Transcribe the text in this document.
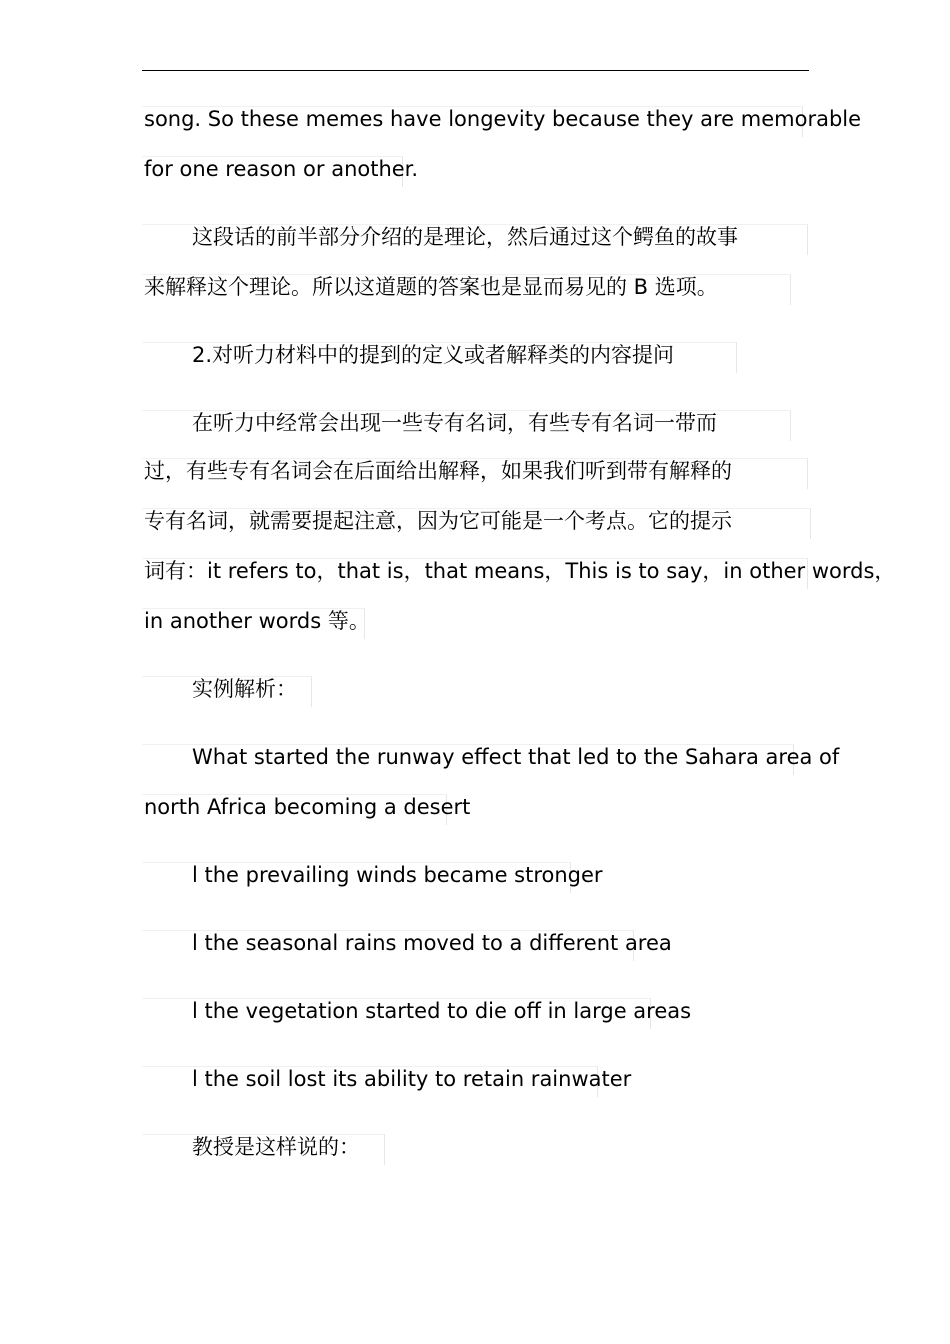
song. So these memes have longevity because they are memorable
for one reason or another.
这段话的前半部分介绍的是理论，然后通过这个鳄鱼的故事
来解释这个理论。所以这道题的答案也是显而易见的 B 选项。
2.对听力材料中的提到的定义或者解释类的内容提问
在听力中经常会出现一些专有名词，有些专有名词一带而
过，有些专有名词会在后面给出解释，如果我们听到带有解释的
专有名词，就需要提起注意，因为它可能是一个考点。它的提示
词有：it refers to，that is，that means，This is to say，in other words，
in another words 等。
实例解析：
What started the runway effect that led to the Sahara area of
north Africa becoming a desert
l the prevailing winds became stronger
l the seasonal rains moved to a different area
l the vegetation started to die off in large areas
l the soil lost its ability to retain rainwater
教授是这样说的：
